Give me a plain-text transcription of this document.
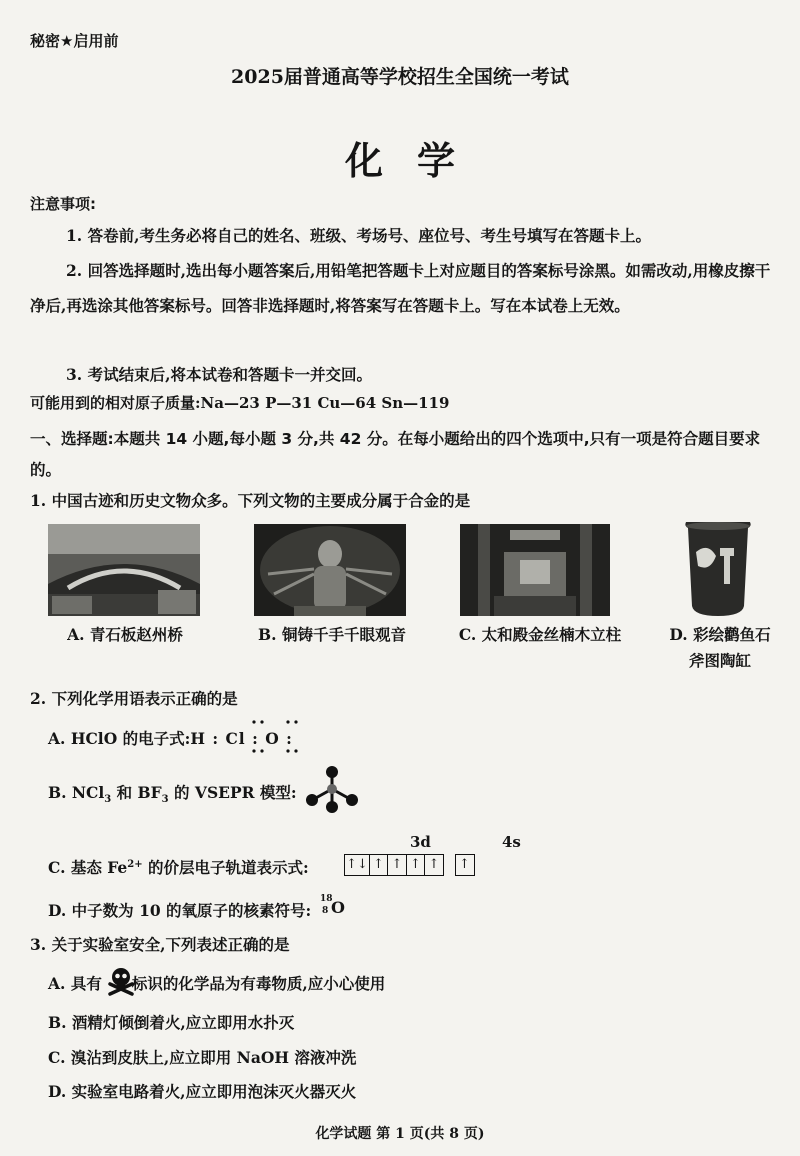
秘密★启用前
2025届普通高等学校招生全国统一考试
化学
注意事项:
1. 答卷前,考生务必将自己的姓名、班级、考场号、座位号、考生号填写在答题卡上。
2. 回答选择题时,选出每小题答案后,用铅笔把答题卡上对应题目的答案标号涂黑。如需改动,用橡皮擦干净后,再选涂其他答案标号。回答非选择题时,将答案写在答题卡上。写在本试卷上无效。
3. 考试结束后,将本试卷和答题卡一并交回。
可能用到的相对原子质量:Na—23 P—31 Cu—64 Sn—119
一、选择题:本题共 14 小题,每小题 3 分,共 42 分。在每小题给出的四个选项中,只有一项是符合题目要求的。
1. 中国古迹和历史文物众多。下列文物的主要成分属于合金的是
A. 青石板赵州桥	B. 铜铸千手千眼观音	C. 太和殿金丝楠木立柱	D. 彩绘鹳鱼石斧图陶缸
2. 下列化学用语表示正确的是
A. HClO 的电子式:H : Cl : O :
B. NCl$_3$ 和 $BF_3$ 的 VSEPR 模型:
3d	4s
C. 基态 $Fe^{2+}$ 的价层电子轨道表示式:	↑↓ ↑ ↑ ↑ ↑ ↑
D. 中子数为 10 的氧原子的核素符号:
18
8 O
3. 关于实验室安全,下列表述正确的是
A. 具有 标识的化学品为有毒物质,应小心使用
B. 酒精灯倾倒着火,应立即用水扑灭
C. 溴沾到皮肤上,应立即用 NaOH 溶液冲洗
D. 实验室电路着火,应立即用泡沫灭火器灭火
化学试题 第 1 页(共 8 页)
